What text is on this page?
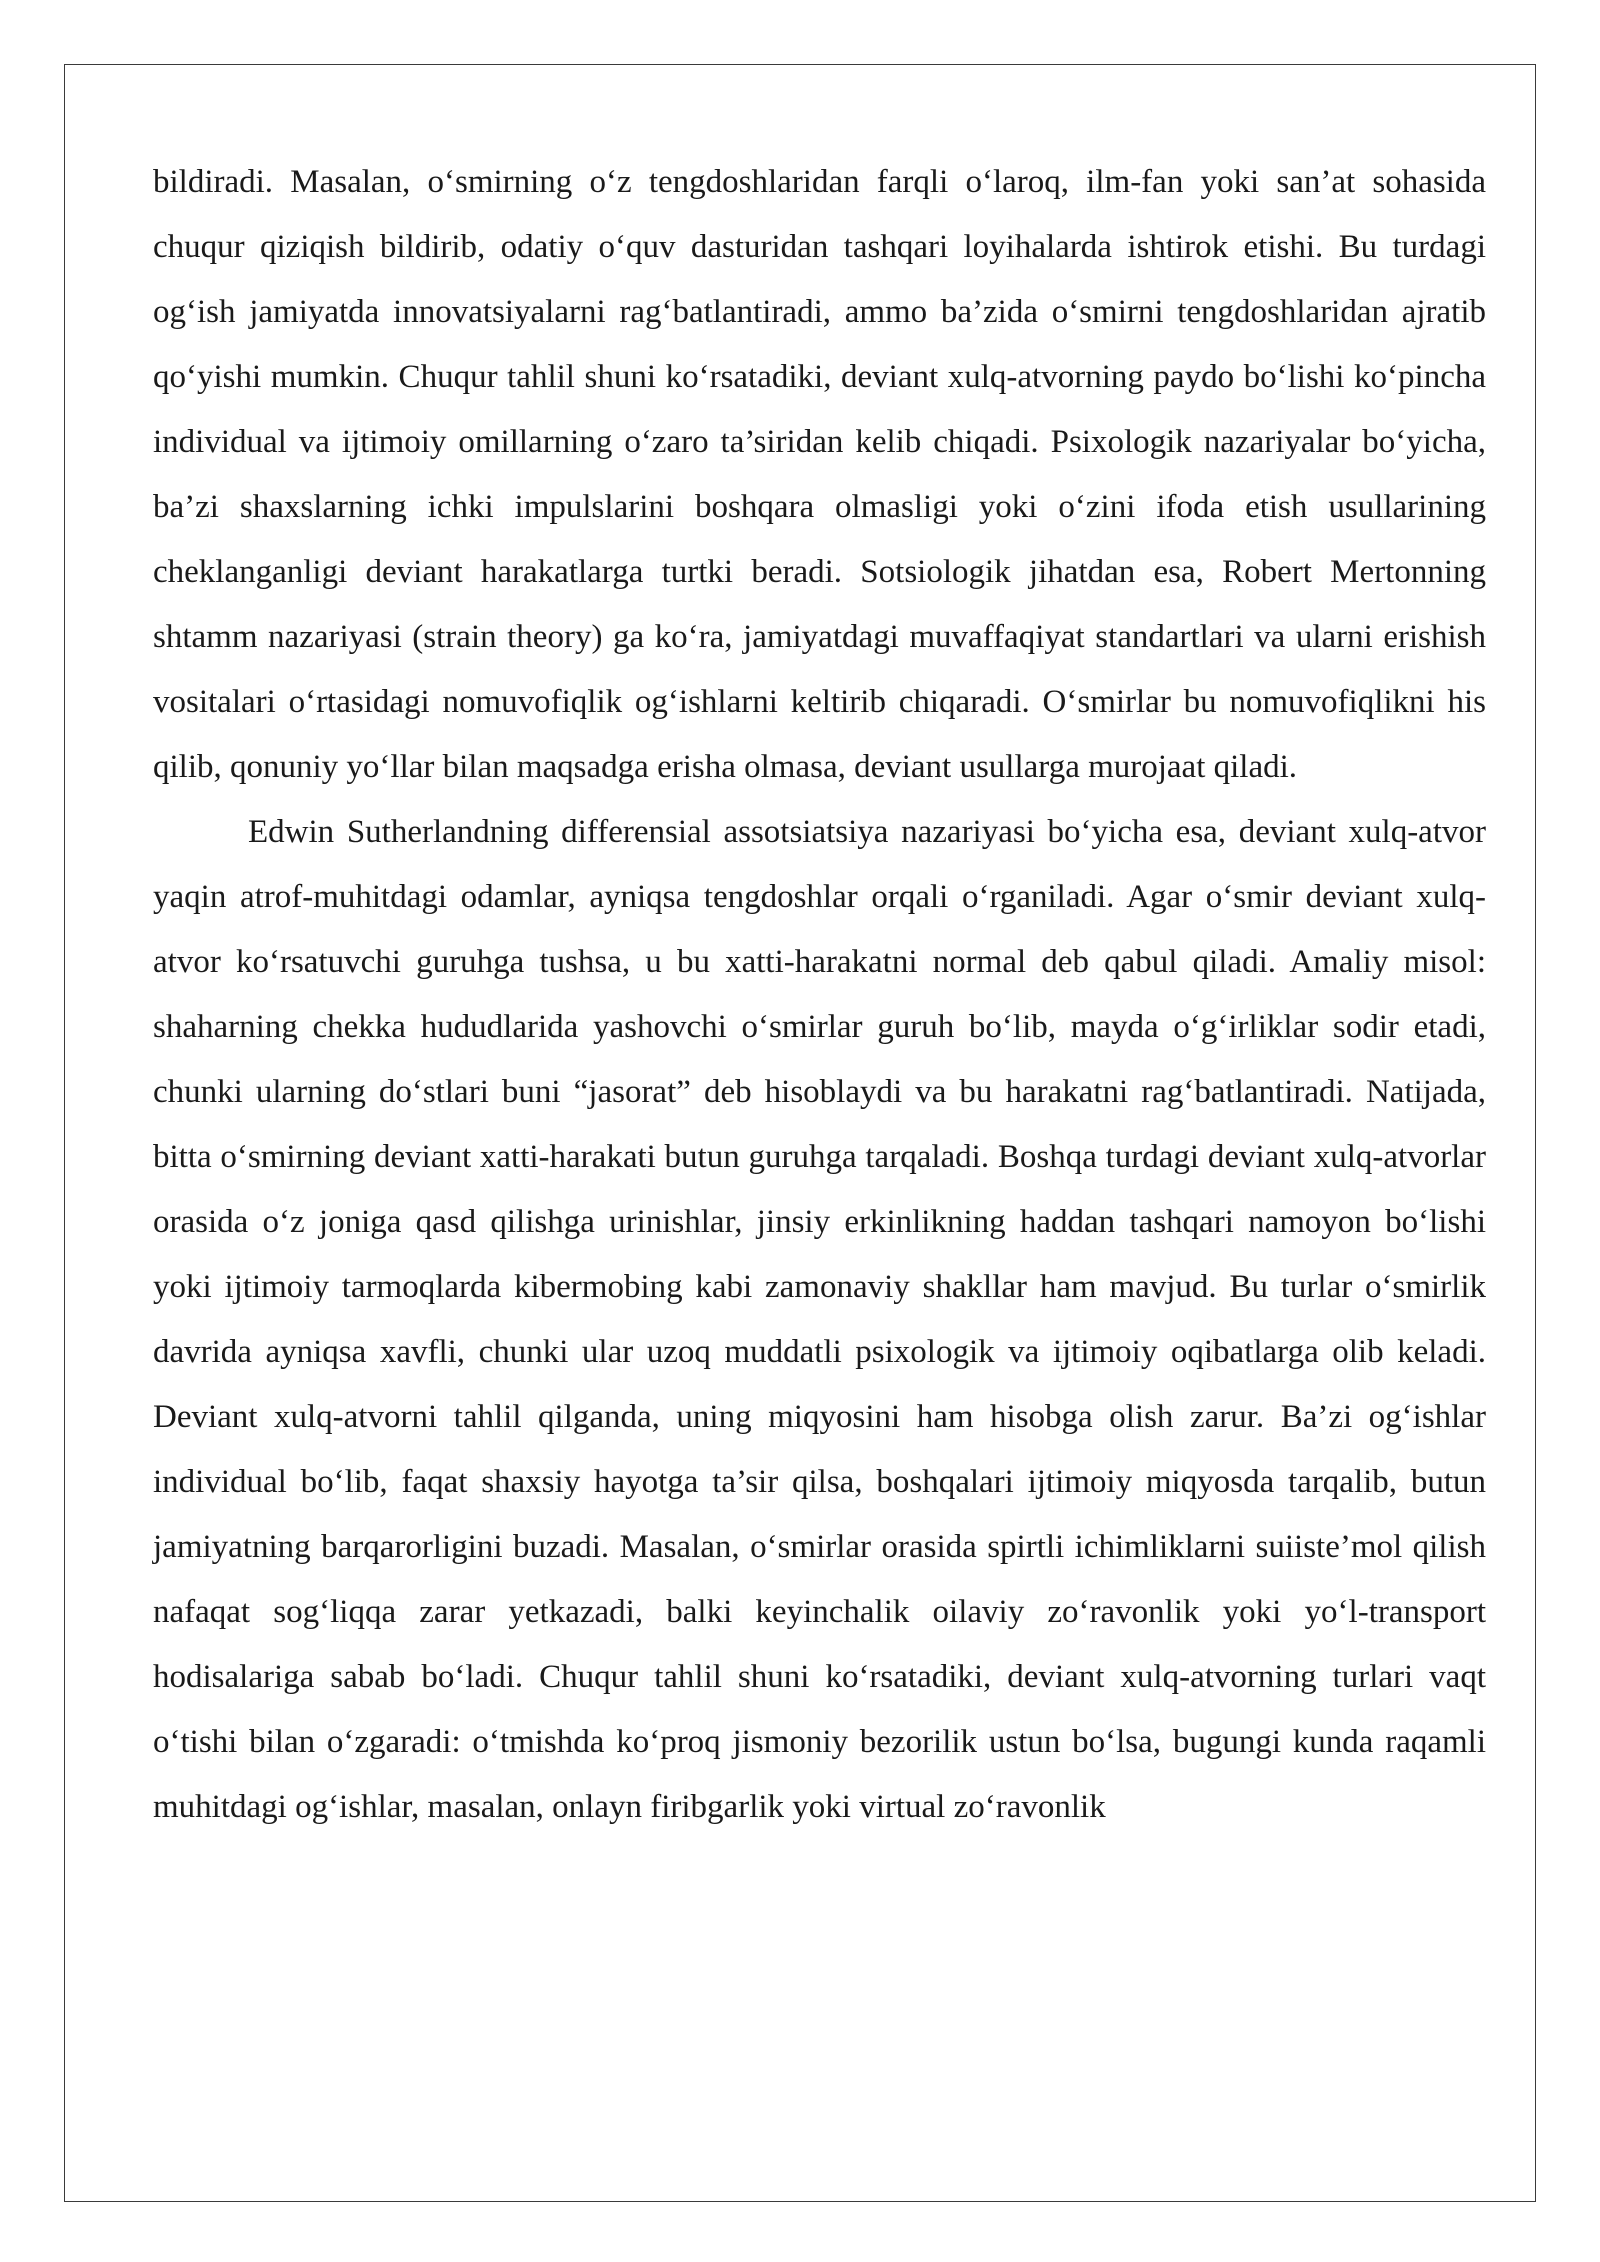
bildiradi. Masalan, o‘smirning o‘z tengdoshlaridan farqli o‘laroq, ilm-fan yoki san’at sohasida chuqur qiziqish bildirib, odatiy o‘quv dasturidan tashqari loyihalarda ishtirok etishi. Bu turdagi og‘ish jamiyatda innovatsiyalarni rag‘batlantiradi, ammo ba’zida o‘smirni tengdoshlaridan ajratib qo‘yishi mumkin. Chuqur tahlil shuni ko‘rsatadiki, deviant xulq-atvorning paydo bo‘lishi ko‘pincha individual va ijtimoiy omillarning o‘zaro ta’siridan kelib chiqadi. Psixologik nazariyalar bo‘yicha, ba’zi shaxslarning ichki impulslarini boshqara olmasligi yoki o‘zini ifoda etish usullarining cheklanganligi deviant harakatlarga turtki beradi. Sotsiologik jihatdan esa, Robert Mertonning shtamm nazariyasi (strain theory) ga ko‘ra, jamiyatdagi muvaffaqiyat standartlari va ularni erishish vositalari o‘rtasidagi nomuvofiqlik og‘ishlarni keltirib chiqaradi. O‘smirlar bu nomuvofiqlikni his qilib, qonuniy yo‘llar bilan maqsadga erisha olmasa, deviant usullarga murojaat qiladi.

Edwin Sutherlandning differensial assotsiatsiya nazariyasi bo‘yicha esa, deviant xulq-atvor yaqin atrof-muhitdagi odamlar, ayniqsa tengdoshlar orqali o‘rganiladi. Agar o‘smir deviant xulq-atvor ko‘rsatuvchi guruhga tushsa, u bu xatti-harakatni normal deb qabul qiladi. Amaliy misol: shaharning chekka hududlarida yashovchi o‘smirlar guruh bo‘lib, mayda o‘g‘irliklar sodir etadi, chunki ularning do‘stlari buni “jasorat” deb hisoblaydi va bu harakatni rag‘batlantiradi. Natijada, bitta o‘smirning deviant xatti-harakati butun guruhga tarqaladi. Boshqa turdagi deviant xulq-atvorlar orasida o‘z joniga qasd qilishga urinishlar, jinsiy erkinlikning haddan tashqari namoyon bo‘lishi yoki ijtimoiy tarmoqlarda kibermobing kabi zamonaviy shakllar ham mavjud. Bu turlar o‘smirlik davrida ayniqsa xavfli, chunki ular uzoq muddatli psixologik va ijtimoiy oqibatlarga olib keladi. Deviant xulq-atvorni tahlil qilganda, uning miqyosini ham hisobga olish zarur. Ba’zi og‘ishlar individual bo‘lib, faqat shaxsiy hayotga ta’sir qilsa, boshqalari ijtimoiy miqyosda tarqalib, butun jamiyatning barqarorligini buzadi. Masalan, o‘smirlar orasida spirtli ichimliklarni suiiste’mol qilish nafaqat sog‘liqqa zarar yetkazadi, balki keyinchalik oilaviy zo‘ravonlik yoki yo‘l-transport hodisalariga sabab bo‘ladi. Chuqur tahlil shuni ko‘rsatadiki, deviant xulq-atvorning turlari vaqt o‘tishi bilan o‘zgaradi: o‘tmishda ko‘proq jismoniy bezorilik ustun bo‘lsa, bugungi kunda raqamli muhitdagi og‘ishlar, masalan, onlayn firibgarlik yoki virtual zo‘ravonlik
